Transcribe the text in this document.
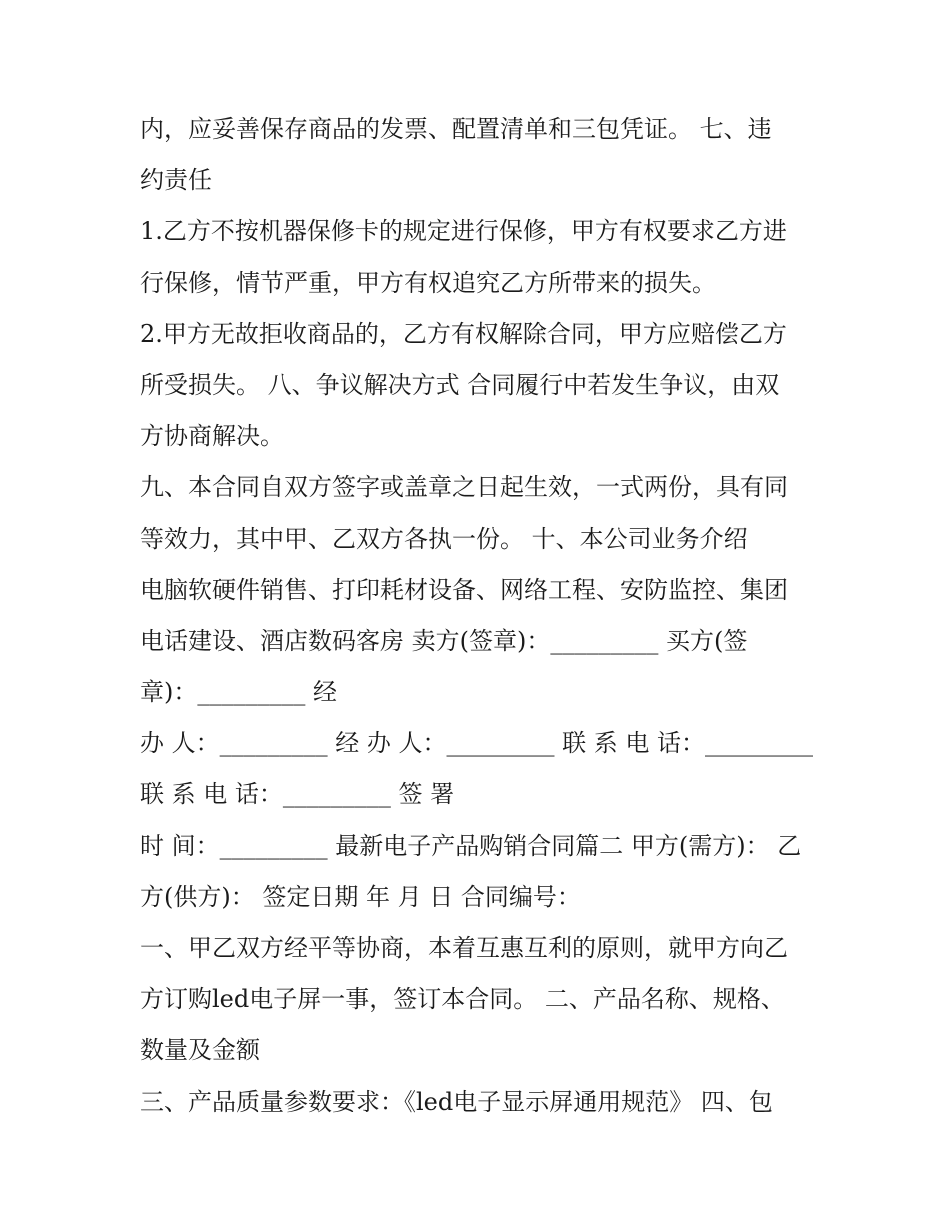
内，应妥善保存商品的发票、配置清单和三包凭证。 七、违
约责任
1.乙方不按机器保修卡的规定进行保修，甲方有权要求乙方进
行保修，情节严重，甲方有权追究乙方所带来的损失。
2.甲方无故拒收商品的，乙方有权解除合同，甲方应赔偿乙方
所受损失。 八、争议解决方式 合同履行中若发生争议，由双
方协商解决。
九、本合同自双方签字或盖章之日起生效，一式两份，具有同
等效力，其中甲、乙双方各执一份。 十、本公司业务介绍
电脑软硬件销售、打印耗材设备、网络工程、安防监控、集团
电话建设、酒店数码客房 卖方(签章)：_________ 买方(签
章)：_________ 经
办 人：_________ 经 办 人：_________ 联 系 电 话：_________
联 系 电 话：_________ 签 署
时 间：_________ 最新电子产品购销合同篇二 甲方(需方)： 乙
方(供方)： 签定日期 年 月 日 合同编号：
一、甲乙双方经平等协商，本着互惠互利的原则，就甲方向乙
方订购led电子屏一事，签订本合同。 二、产品名称、规格、
数量及金额
三、产品质量参数要求：《led电子显示屏通用规范》 四、包
